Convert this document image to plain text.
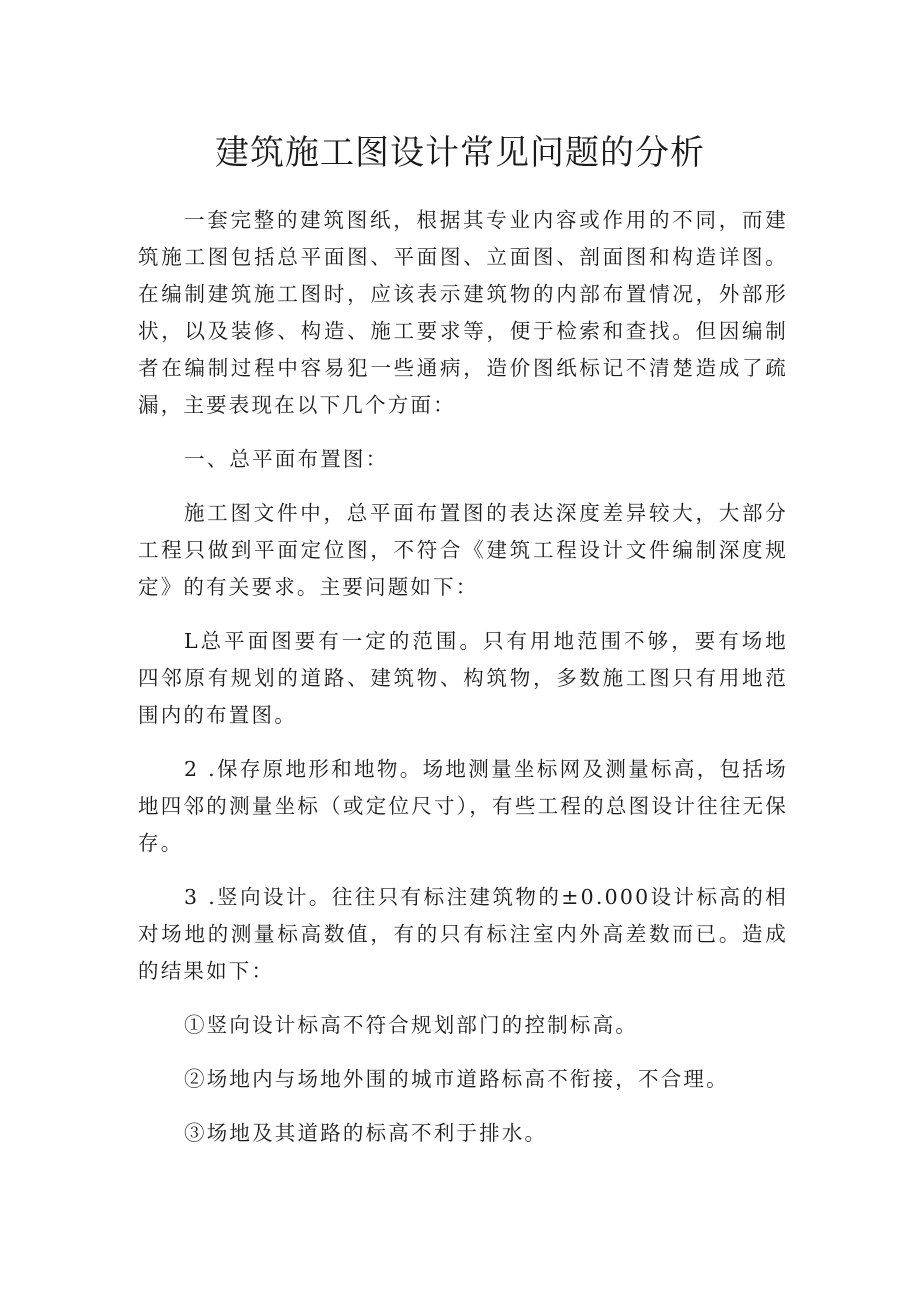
建筑施工图设计常见问题的分析

一套完整的建筑图纸，根据其专业内容或作用的不同，而建筑施工图包括总平面图、平面图、立面图、剖面图和构造详图。在编制建筑施工图时，应该表示建筑物的内部布置情况，外部形状，以及装修、构造、施工要求等，便于检索和查找。但因编制者在编制过程中容易犯一些通病，造价图纸标记不清楚造成了疏漏，主要表现在以下几个方面：

一、总平面布置图：

施工图文件中，总平面布置图的表达深度差异较大，大部分工程只做到平面定位图，不符合《建筑工程设计文件编制深度规定》的有关要求。主要问题如下：

L总平面图要有一定的范围。只有用地范围不够，要有场地四邻原有规划的道路、建筑物、构筑物，多数施工图只有用地范围内的布置图。

2 .保存原地形和地物。场地测量坐标网及测量标高，包括场地四邻的测量坐标（或定位尺寸），有些工程的总图设计往往无保存。

3 .竖向设计。往往只有标注建筑物的±0.000设计标高的相对场地的测量标高数值，有的只有标注室内外高差数而已。造成的结果如下：

①竖向设计标高不符合规划部门的控制标高。

②场地内与场地外围的城市道路标高不衔接，不合理。

③场地及其道路的标高不利于排水。
